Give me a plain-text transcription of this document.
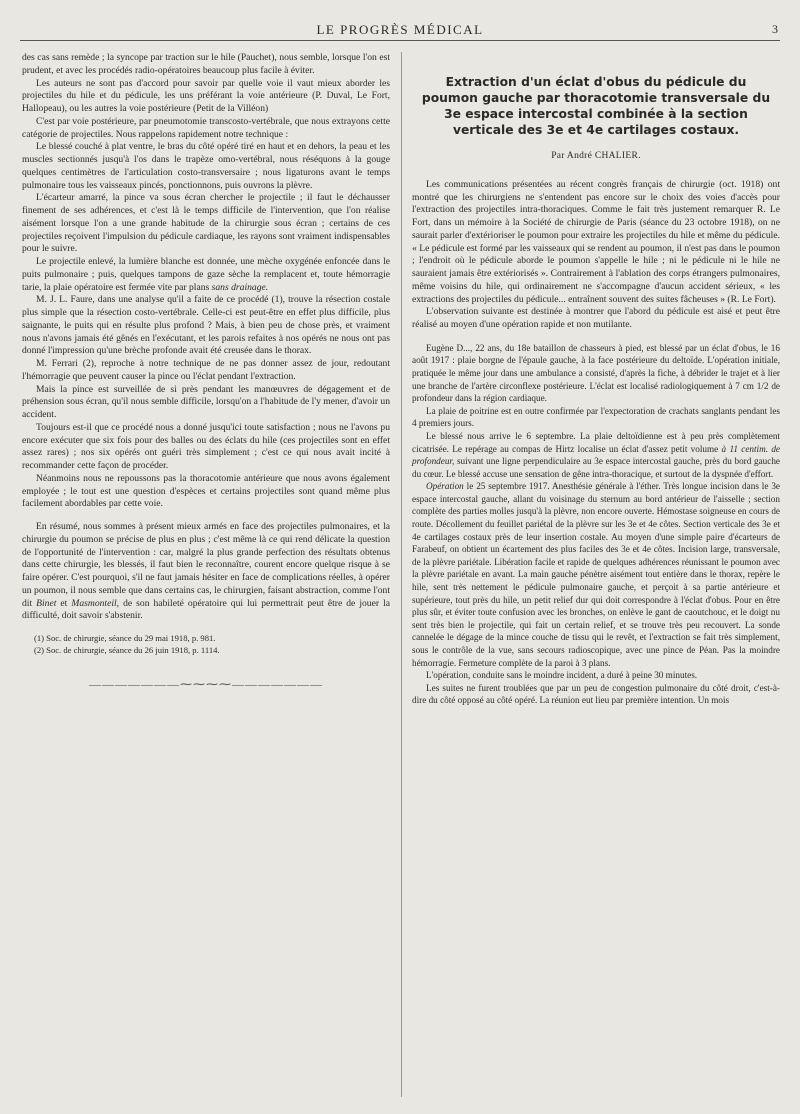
LE PROGRÈS MÉDICAL	3

des cas sans remède ; la syncope par traction sur le hile (Pauchet), nous semble, lorsque l'on est prudent, et avec les procédés radio-opératoires beaucoup plus facile à éviter.

Les auteurs ne sont pas d'accord pour savoir par quelle voie il vaut mieux aborder les projectiles du hile et du pédicule, les uns préférant la voie antérieure (P. Duval, Le Fort, Hallopeau), ou les autres la voie postérieure (Petit de la Villéon)

C'est par voie postérieure, par pneumotomie transcosto-vertébrale, que nous extrayons cette catégorie de projectiles. Nous rappelons rapidement notre technique :

Le blessé couché à plat ventre, le bras du côté opéré tiré en haut et en dehors, la peau et les muscles sectionnés jusqu'à l'os dans le trapèze omo-vertébral, nous réséquons à la gouge quelques centimètres de l'articulation costo-transversaire ; nous ligaturons avant le temps pulmonaire tous les vaisseaux pincés, ponctionnons, puis ouvrons la plèvre.

L'écarteur amarré, la pince va sous écran chercher le projectile ; il faut le déchausser finement de ses adhérences, et c'est là le temps difficile de l'intervention, que l'on réalise aisément lorsque l'on a une grande habitude de la chirurgie sous écran ; certains de ces projectiles reçoivent l'impulsion du pédicule cardiaque, les rayons sont vraiment indispensables pour le suivre.

Le projectile enlevé, la lumière blanche est donnée, une mèche oxygénée enfoncée dans le puits pulmonaire ; puis, quelques tampons de gaze sèche la remplacent et, toute hémorragie tarie, la plaie opératoire est fermée vite par plans sans drainage.

M. J. L. Faure, dans une analyse qu'il a faite de ce procédé (1), trouve la résection costale plus simple que la résection costo-vertébrale. Celle-ci est peut-être en effet plus difficile, plus saignante, le puits qui en résulte plus profond ? Mais, à bien peu de chose près, et vraiment nous n'avons jamais été gênés en l'exécutant, et les parois refaites à nos opérés ne nous ont pas donné l'impression qu'une brèche profonde avait été creusée dans le thorax.

M. Ferrari (2), reproche à notre technique de ne pas donner assez de jour, redoutant l'hémorragie que peuvent causer la pince ou l'éclat pendant l'extraction.

Mais la pince est surveillée de si près pendant les manœuvres de dégagement et de préhension sous écran, qu'il nous semble difficile, lorsqu'on a l'habitude de l'y mener, d'avoir un accident.

Toujours est-il que ce procédé nous a donné jusqu'ici toute satisfaction ; nous ne l'avons pu encore exécuter que six fois pour des balles ou des éclats du hile (ces projectiles sont en effet assez rares) ; nos six opérés ont guéri très simplement ; c'est ce qui nous avait incité à recommander cette façon de procéder.

Néanmoins nous ne repoussons pas la thoracotomie antérieure que nous avons également employée ; le tout est une question d'espèces et certains projectiles sont quand même plus facilement abordables par cette voie.

En résumé, nous sommes à présent mieux armés en face des projectiles pulmonaires, et la chirurgie du poumon se précise de plus en plus ; c'est même là ce qui rend délicate la question de l'opportunité de l'intervention : car, malgré la plus grande perfection des résultats obtenus dans cette chirurgie, les blessés, il faut bien le reconnaître, courent encore quelque risque à se faire opérer. C'est pourquoi, s'il ne faut jamais hésiter en face de complications réelles, à opérer un poumon, il nous semble que dans certains cas, le chirurgien, faisant abstraction, comme l'ont dit Binet et Masmonteil, de son habileté opératoire qui lui permettrait peut être de jouer la difficulté, doit savoir s'abstenir.

(1) Soc. de chirurgie, séance du 29 mai 1918, p. 981.

(2) Soc. de chirurgie, séance du 26 juin 1918, p. 1114.

———————⁓⁓⁓⁓———————
Extraction d'un éclat d'obus du pédicule du poumon gauche par thoracotomie transversale du 3e espace intercostal combinée à la section verticale des 3e et 4e cartilages costaux.
Par André CHALIER.

Les communications présentées au récent congrès français de chirurgie (oct. 1918) ont montré que les chirurgiens ne s'entendent pas encore sur le choix des voies d'accès pour l'extraction des projectiles intra-thoraciques. Comme le fait très justement remarquer R. Le Fort, dans un mémoire à la Société de chirurgie de Paris (séance du 23 octobre 1918), on ne saurait parler d'extérioriser le poumon pour extraire les projectiles du hile et même du pédicule. « Le pédicule est formé par les vaisseaux qui se rendent au poumon, il n'est pas dans le poumon ; l'endroit où le pédicule aborde le poumon s'appelle le hile ; ni le pédicule ni le hile ne sauraient jamais être extériorisés ». Contrairement à l'ablation des corps étrangers pulmonaires, même voisins du hile, qui ordinairement ne s'accompagne d'aucun accident sérieux, « les extractions des projectiles du pédicule... entraînent souvent des suites fâcheuses » (R. Le Fort).

L'observation suivante est destinée à montrer que l'abord du pédicule est aisé et peut être réalisé au moyen d'une opération rapide et non mutilante.

Eugène D..., 22 ans, du 18e bataillon de chasseurs à pied, est blessé par un éclat d'obus, le 16 août 1917 : plaie borgne de l'épaule gauche, à la face postérieure du deltoïde. L'opération initiale, pratiquée le même jour dans une ambulance a consisté, d'après la fiche, à débrider le trajet et à lier une branche de l'artère circonflexe postérieure. L'éclat est localisé radiologiquement à 7 cm 1/2 de profondeur dans la région cardiaque.

La plaie de poitrine est en outre confirmée par l'expectoration de crachats sanglants pendant les 4 premiers jours.

Le blessé nous arrive le 6 septembre. La plaie deltoïdienne est à peu près complètement cicatrisée. Le repérage au compas de Hirtz localise un éclat d'assez petit volume à 11 centim. de profondeur, suivant une ligne perpendiculaire au 3e espace intercostal gauche, près du bord gauche du cœur. Le blessé accuse une sensation de gêne intra-thoracique, et surtout de la dyspnée d'effort.

Opération le 25 septembre 1917. Anesthésie générale à l'éther. Très longue incision dans le 3e espace intercostal gauche, allant du voisinage du sternum au bord antérieur de l'aisselle ; section complète des parties molles jusqu'à la plèvre, non encore ouverte. Hémostase soigneuse en cours de route. Décollement du feuillet pariétal de la plèvre sur les 3e et 4e côtes. Section verticale des 3e et 4e cartilages costaux près de leur insertion costale. Au moyen d'une simple paire d'écarteurs de Farabeuf, on obtient un écartement des plus faciles des 3e et 4e côtes. Incision large, transversale, de la plèvre pariétale. Libération facile et rapide de quelques adhérences réunissant le poumon avec la plèvre pariétale en avant. La main gauche pénètre aisément tout entière dans le thorax, repère le hile, sent très nettement le pédicule pulmonaire gauche, et perçoit à sa partie antérieure et supérieure, tout près du hile, un petit relief dur qui doit correspondre à l'éclat d'obus. Pour en être plus sûr, et éviter toute confusion avec les bronches, on enlève le gant de caoutchouc, et le doigt nu sent très bien le projectile, qui fait un certain relief, et se trouve très peu recouvert. La sonde cannelée le dégage de la mince couche de tissu qui le revêt, et l'extraction se fait très simplement, sous le contrôle de la vue, sans secours radioscopique, avec une pince de Péan. Pas la moindre hémorragie. Fermeture complète de la paroi à 3 plans.

L'opération, conduite sans le moindre incident, a duré à peine 30 minutes.

Les suites ne furent troublées que par un peu de congestion pulmonaire du côté droit, c'est-à-dire du côté opposé au côté opéré. La réunion eut lieu par première intention. Un mois
